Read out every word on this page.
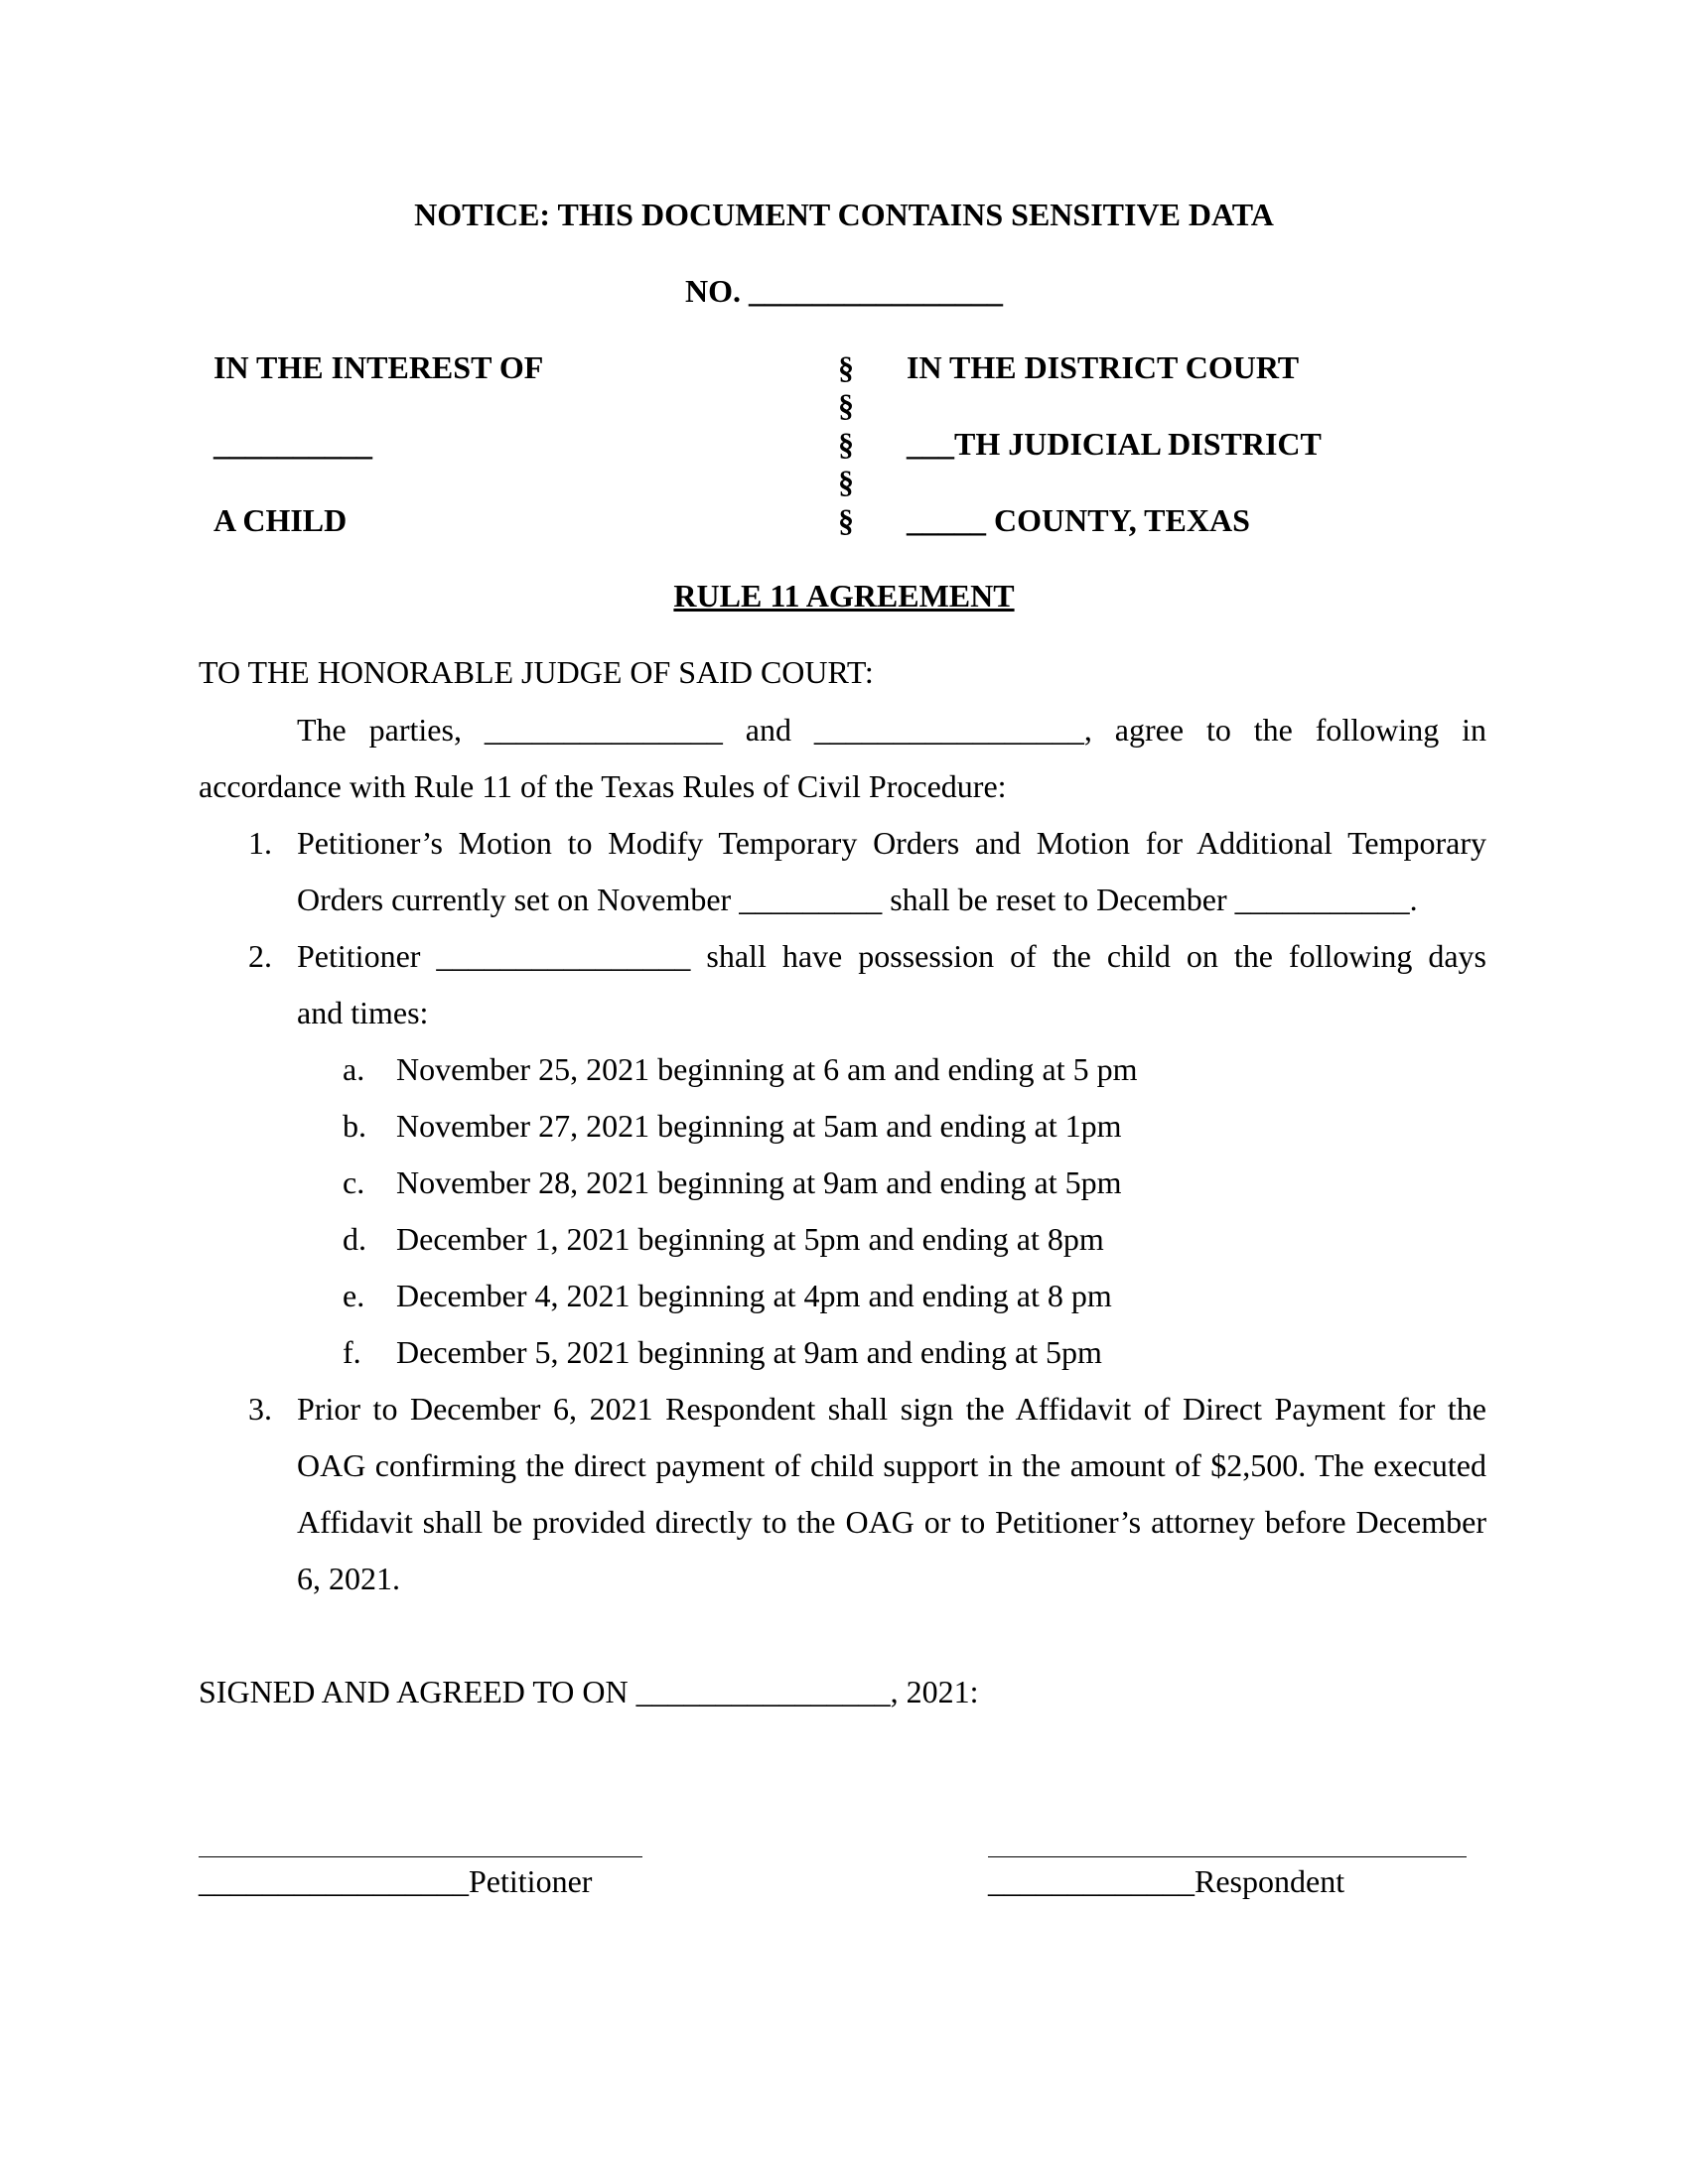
NOTICE: THIS DOCUMENT CONTAINS SENSITIVE DATA
NO. ________________
IN THE INTEREST OF
__________
A CHILD
§
§
§
§
§
IN THE DISTRICT COURT
___TH JUDICIAL DISTRICT
_____ COUNTY, TEXAS
RULE 11 AGREEMENT
TO THE HONORABLE JUDGE OF SAID COURT:
The parties, _______________ and _________________, agree to the following in
accordance with Rule 11 of the Texas Rules of Civil Procedure:
1. Petitioner’s Motion to Modify Temporary Orders and Motion for Additional Temporary
Orders currently set on November _________ shall be reset to December ___________.
2. Petitioner ________________ shall have possession of the child on the following days
and times:
a. November 25, 2021 beginning at 6 am and ending at 5 pm
b. November 27, 2021 beginning at 5am and ending at 1pm
c. November 28, 2021 beginning at 9am and ending at 5pm
d. December 1, 2021 beginning at 5pm and ending at 8pm
e. December 4, 2021 beginning at 4pm and ending at 8 pm
f. December 5, 2021 beginning at 9am and ending at 5pm
3. Prior to December 6, 2021 Respondent shall sign the Affidavit of Direct Payment for the
OAG confirming the direct payment of child support in the amount of $2,500. The executed
Affidavit shall be provided directly to the OAG or to Petitioner’s attorney before December
6, 2021.
SIGNED AND AGREED TO ON ________________, 2021:
_________________Petitioner	_____________Respondent
